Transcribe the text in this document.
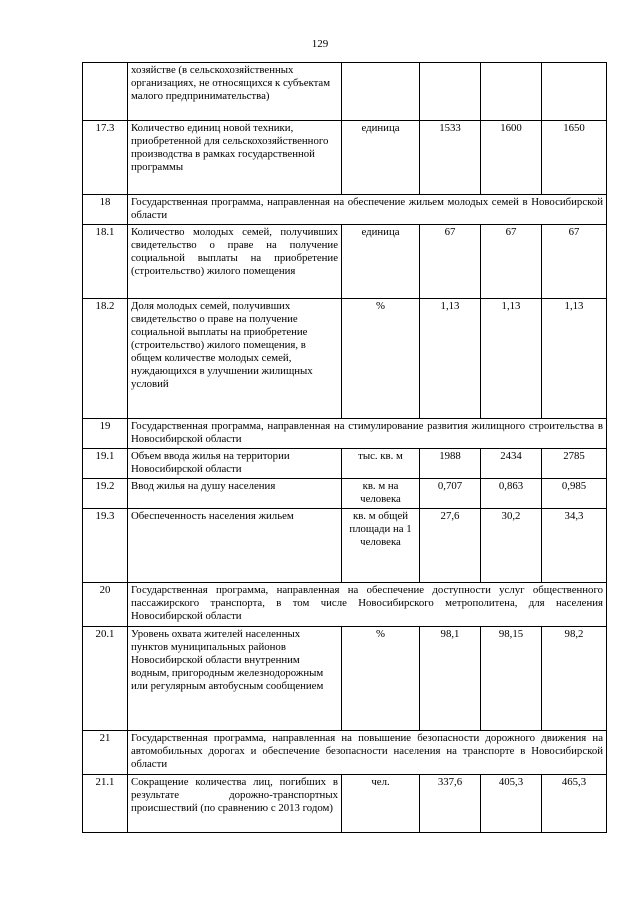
129
	хозяйстве (в сельскохозяйственных организациях, не относящихся к субъектам малого предпринимательства)				
17.3	Количество единиц новой техники, приобретенной для сельскохозяйственного производства в рамках государственной программы	единица	1533	1600	1650
18	Государственная программа, направленная на обеспечение жильем молодых семей в Новосибирской области				
18.1	Количество молодых семей, получивших свидетельство о праве на получение социальной выплаты на приобретение (строительство) жилого помещения	единица	67	67	67
18.2	Доля молодых семей, получивших свидетельство о праве на получение социальной выплаты на приобретение (строительство) жилого помещения, в общем количестве молодых семей, нуждающихся в улучшении жилищных условий	%	1,13	1,13	1,13
19	Государственная программа, направленная на стимулирование развития жилищного строительства в Новосибирской области				
19.1	Объем ввода жилья на территории Новосибирской области	тыс. кв. м	1988	2434	2785
19.2	Ввод жилья на душу населения	кв. м на человека	0,707	0,863	0,985
19.3	Обеспеченность населения жильем	кв. м общей площади на 1 человека	27,6	30,2	34,3
20	Государственная программа, направленная на обеспечение доступности услуг общественного пассажирского транспорта, в том числе Новосибирского метрополитена, для населения Новосибирской области				
20.1	Уровень охвата жителей населенных пунктов муниципальных районов Новосибирской области внутренним водным, пригородным железнодорожным или регулярным автобусным сообщением	%	98,1	98,15	98,2
21	Государственная программа, направленная на повышение безопасности дорожного движения на автомобильных дорогах и обеспечение безопасности населения на транспорте в Новосибирской области				
21.1	Сокращение количества лиц, погибших в результате дорожно-транспортных происшествий (по сравнению с 2013 годом)	чел.	337,6	405,3	465,3
